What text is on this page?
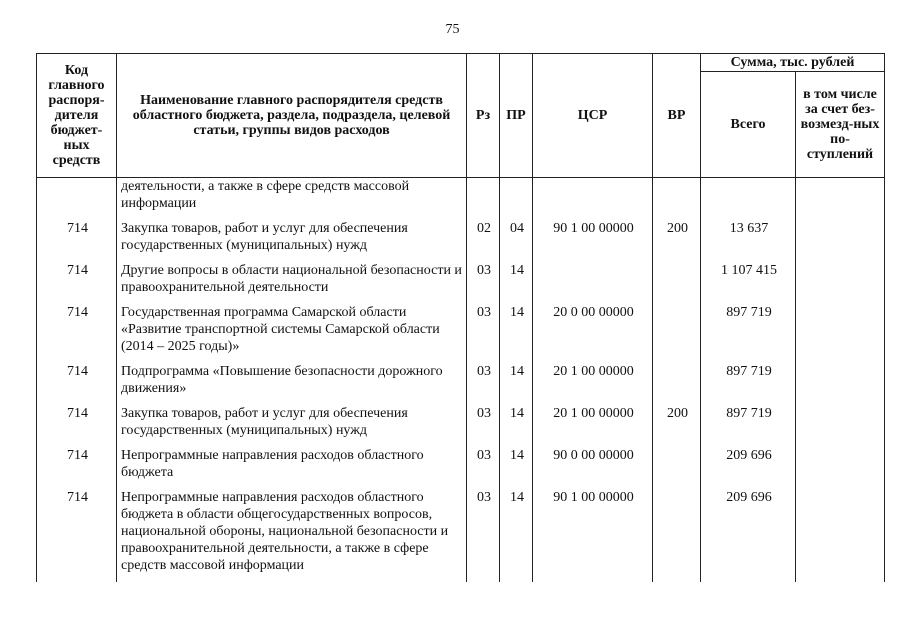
75
Код главного распоря-дителя бюджет-ных средств	Наименование главного распорядителя средств областного бюджета, раздела, подраздела, целевой статьи, группы видов расходов	Рз	ПР	ЦСР	ВР	Сумма, тыс. рублей	
						Всего	в том числе за счет без-возмезд-ных по-ступлений
	деятельности, а также в сфере средств массовой информации						
714	Закупка товаров, работ и услуг для обеспечения государственных (муниципальных) нужд	02	04	90 1 00 00000	200	13 637	
714	Другие вопросы в области национальной безопасности и правоохранительной деятельности	03	14			1 107 415	
714	Государственная программа Самарской области «Развитие транспортной системы Самарской области (2014 – 2025 годы)»	03	14	20 0 00 00000		897 719	
714	Подпрограмма «Повышение безопасности дорожного движения»	03	14	20 1 00 00000		897 719	
714	Закупка товаров, работ и услуг для обеспечения государственных (муниципальных) нужд	03	14	20 1 00 00000	200	897 719	
714	Непрограммные направления расходов областного бюджета	03	14	90 0 00 00000		209 696	
714	Непрограммные направления расходов областного бюджета в области общегосударственных вопросов, национальной обороны, национальной безопасности и правоохранительной деятельности, а также в сфере средств массовой информации	03	14	90 1 00 00000		209 696	
